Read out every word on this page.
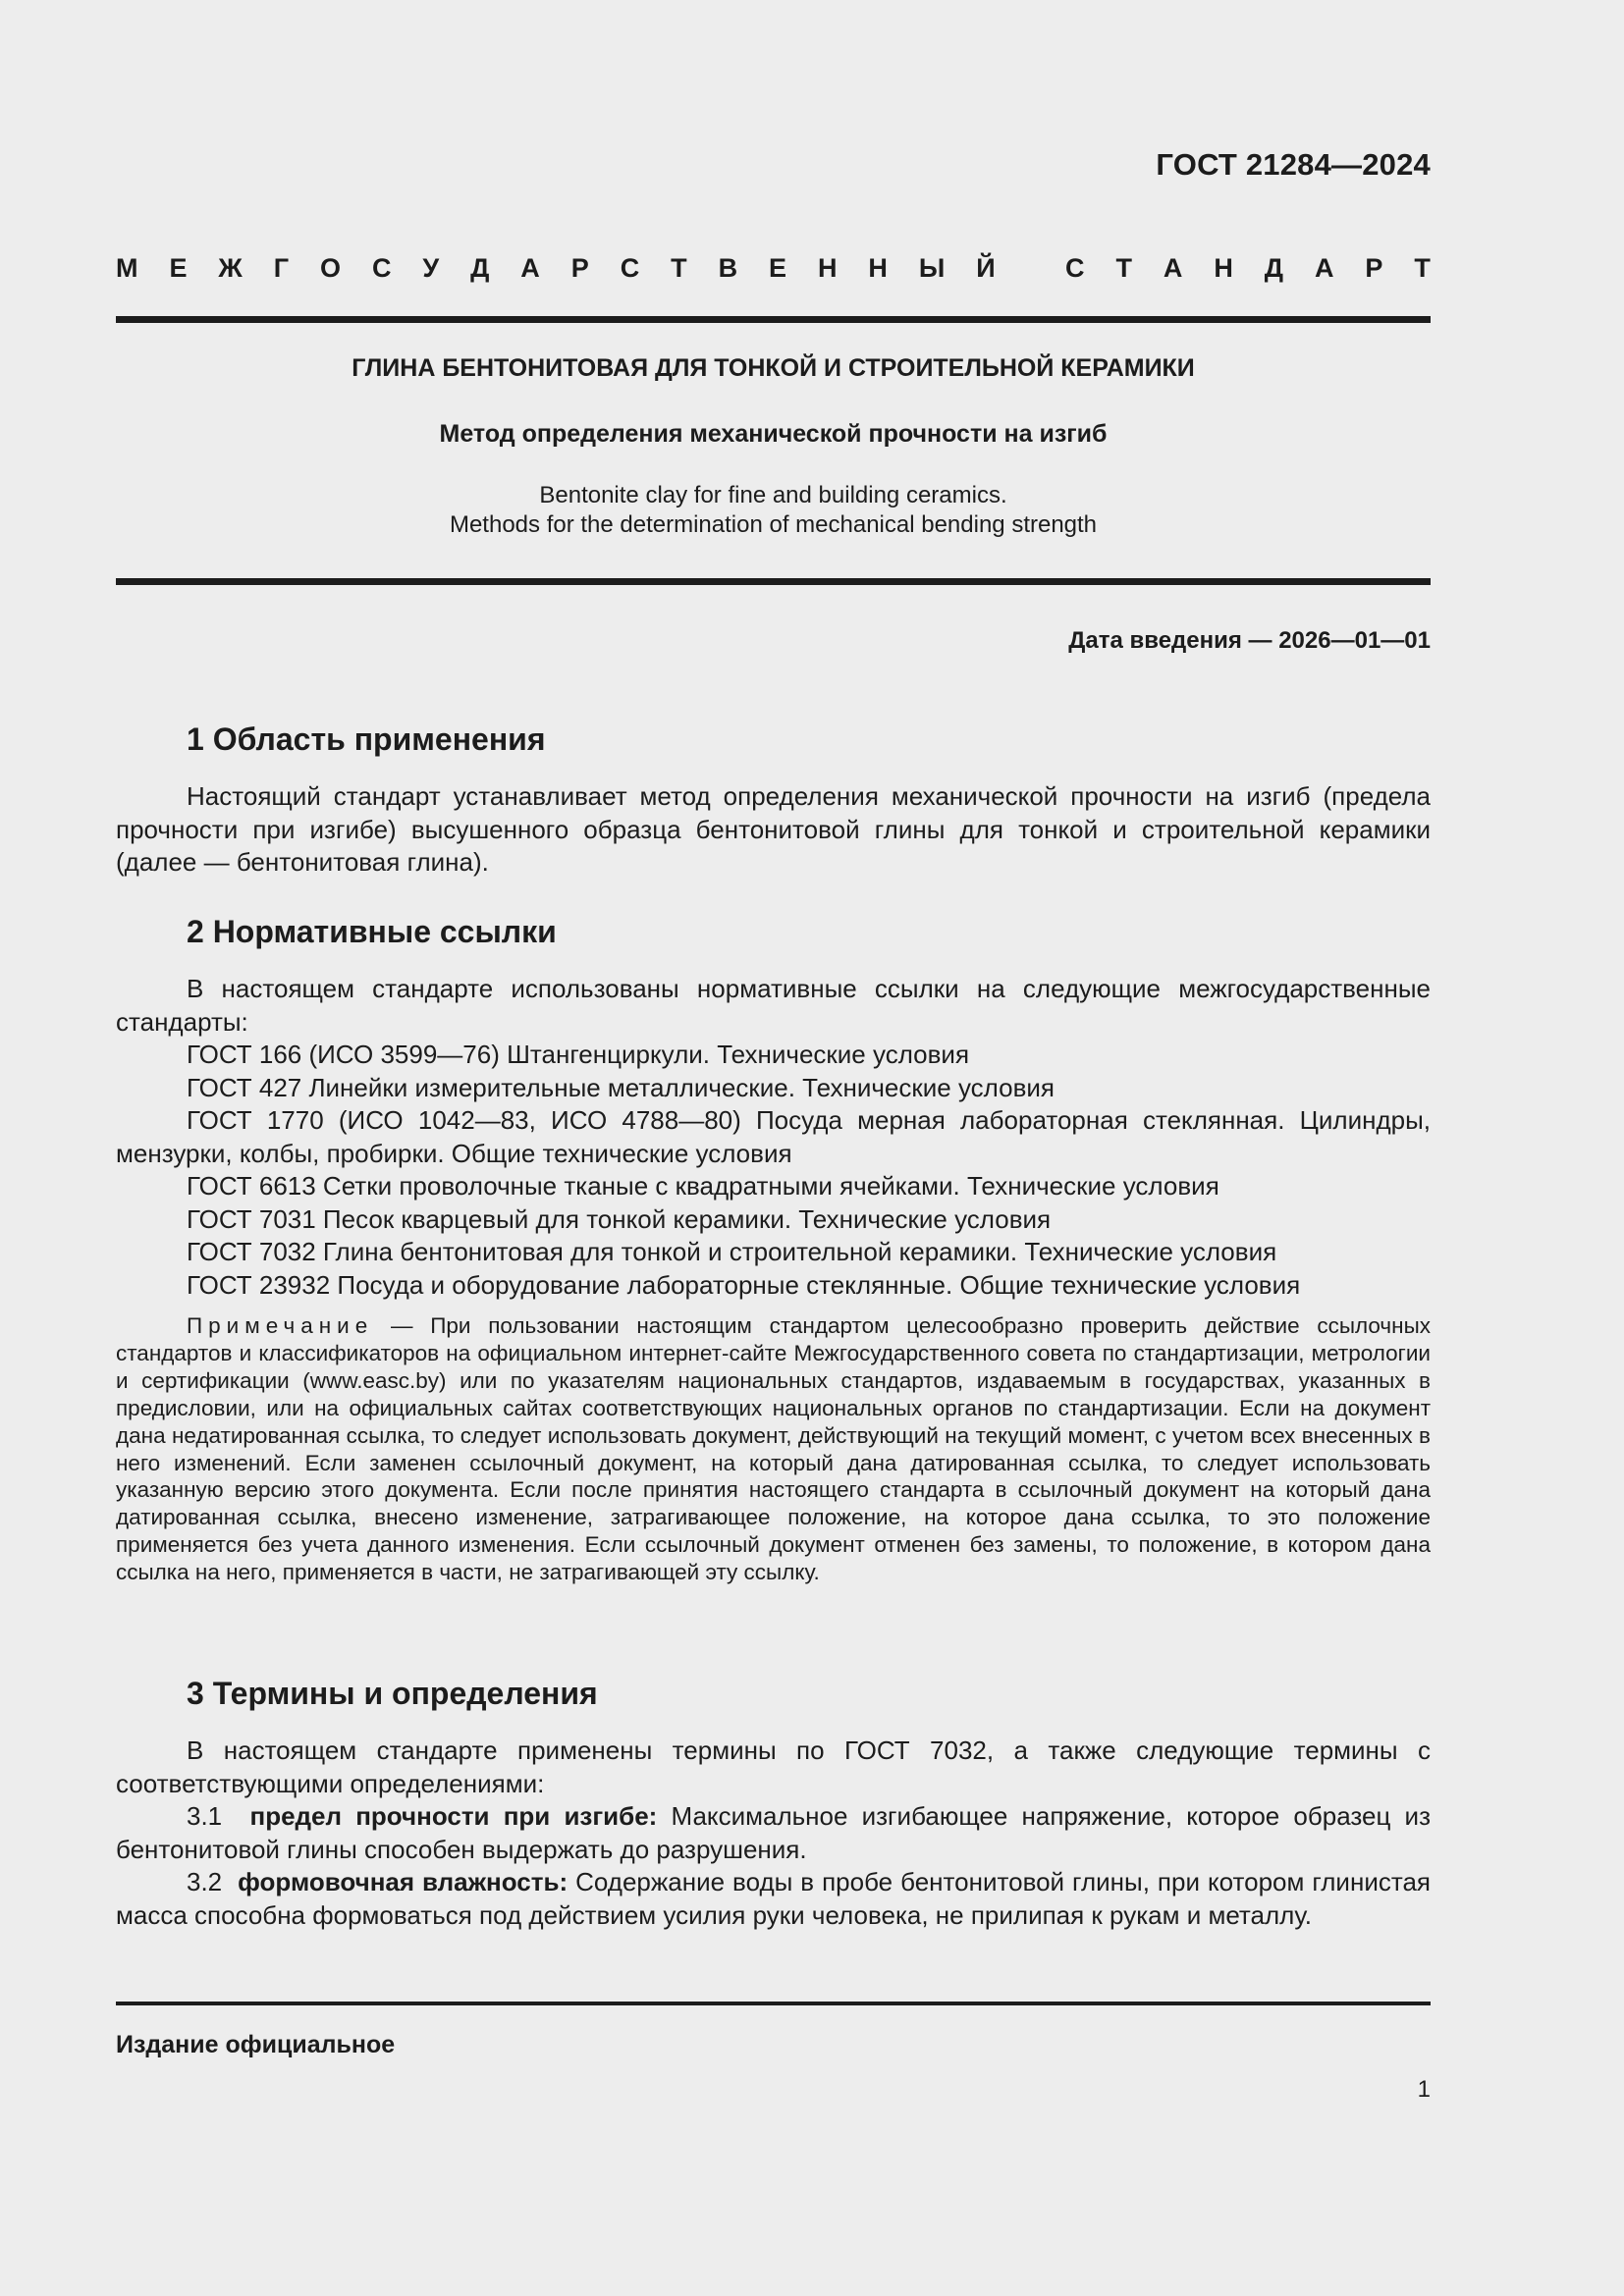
ГОСТ 21284—2024
М Е Ж Г О С У Д А Р С Т В Е Н Н Ы Й
	С Т А Н Д А Р Т
ГЛИНА БЕНТОНИТОВАЯ ДЛЯ ТОНКОЙ И СТРОИТЕЛЬНОЙ КЕРАМИКИ
Метод определения механической прочности на изгиб
Bentonite clay for fine and building ceramics.
Methods for the determination of mechanical bending strength
Дата введения — 2026—01—01
1 Область применения

Настоящий стандарт устанавливает метод определения механической прочности на изгиб (предела прочности при изгибе) высушенного образца бентонитовой глины для тонкой и строительной керамики (далее — бентонитовая глина).

2 Нормативные ссылки

В настоящем стандарте использованы нормативные ссылки на следующие межгосударственные стандарты:

ГОСТ 166 (ИСО 3599—76) Штангенциркули. Технические условия
ГОСТ 427 Линейки измерительные металлические. Технические условия
ГОСТ 1770 (ИСО 1042—83, ИСО 4788—80) Посуда мерная лабораторная стеклянная. Цилиндры, мензурки, колбы, пробирки. Общие технические условия
ГОСТ 6613 Сетки проволочные тканые с квадратными ячейками. Технические условия
ГОСТ 7031 Песок кварцевый для тонкой керамики. Технические условия
ГОСТ 7032 Глина бентонитовая для тонкой и строительной керамики. Технические условия
ГОСТ 23932 Посуда и оборудование лабораторные стеклянные. Общие технические условия

Примечание — При пользовании настоящим стандартом целесообразно проверить действие ссылочных стандартов и классификаторов на официальном интернет-сайте Межгосударственного совета по стандартизации, метрологии и сертификации (www.easc.by) или по указателям национальных стандартов, издаваемым в государствах, указанных в предисловии, или на официальных сайтах соответствующих национальных органов по стандартизации. Если на документ дана недатированная ссылка, то следует использовать документ, действующий на текущий момент, с учетом всех внесенных в него изменений. Если заменен ссылочный документ, на который дана датированная ссылка, то следует использовать указанную версию этого документа. Если после принятия настоящего стандарта в ссылочный документ на который дана датированная ссылка, внесено изменение, затрагивающее положение, на которое дана ссылка, то это положение применяется без учета данного изменения. Если ссылочный документ отменен без замены, то положение, в котором дана ссылка на него, применяется в части, не затрагивающей эту ссылку.

3 Термины и определения

В настоящем стандарте применены термины по ГОСТ 7032, а также следующие термины с соответствующими определениями:

3.1 предел прочности при изгибе: Максимальное изгибающее напряжение, которое образец из бентонитовой глины способен выдержать до разрушения.

3.2 формовочная влажность: Содержание воды в пробе бентонитовой глины, при котором глинистая масса способна формоваться под действием усилия руки человека, не прилипая к рукам и металлу.

Издание официальное
1
